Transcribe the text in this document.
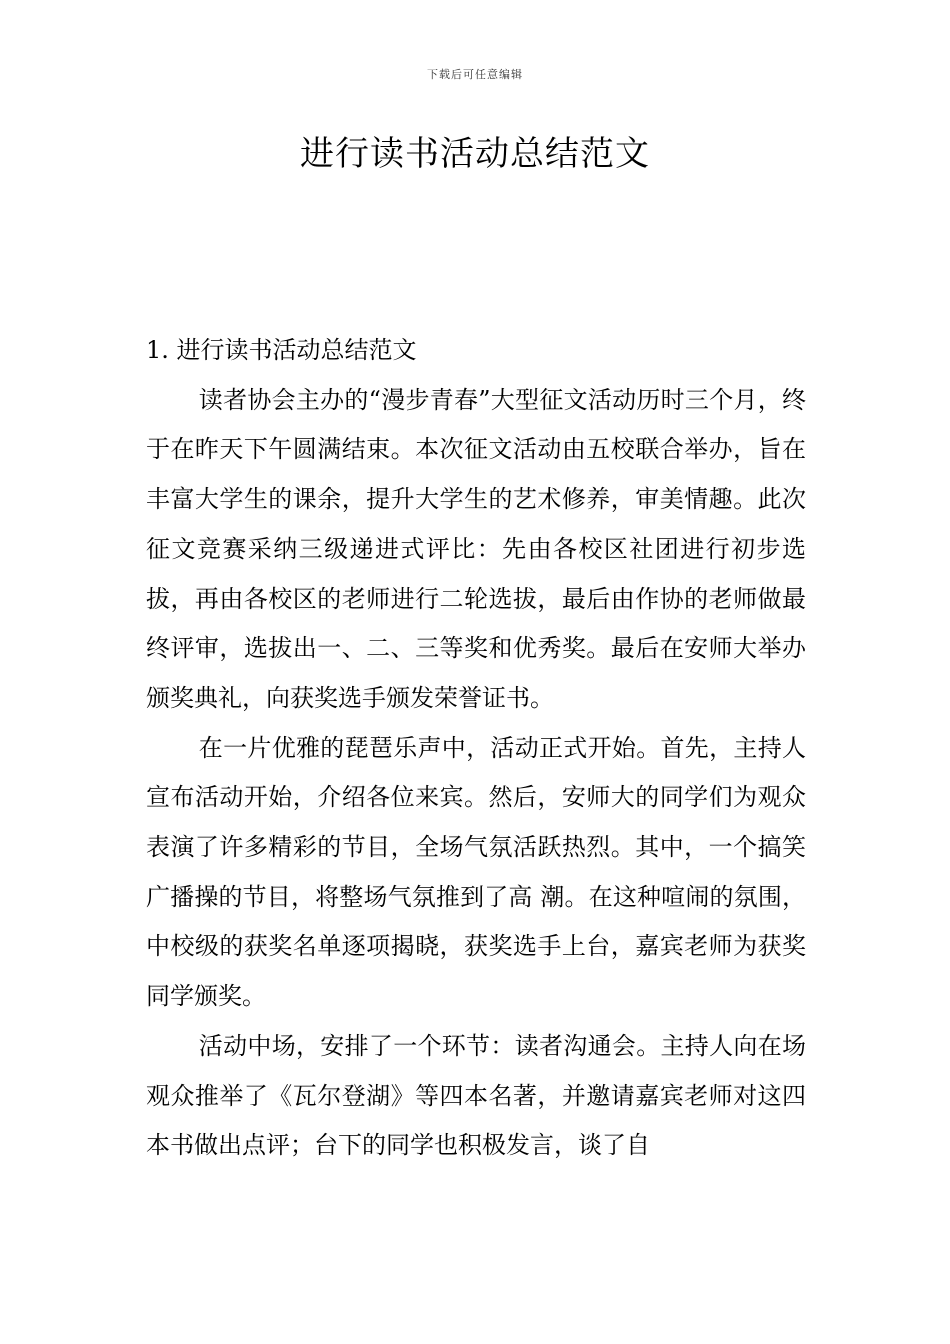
下载后可任意编辑
进行读书活动总结范文

1. 进行读书活动总结范文

读者协会主办的“漫步青春”大型征文活动历时三个月，终于在昨天下午圆满结束。本次征文活动由五校联合举办，旨在丰富大学生的课余，提升大学生的艺术修养，审美情趣。此次征文竞赛采纳三级递进式评比：先由各校区社团进行初步选拔，再由各校区的老师进行二轮选拔，最后由作协的老师做最终评审，选拔出一、二、三等奖和优秀奖。最后在安师大举办颁奖典礼，向获奖选手颁发荣誉证书。

在一片优雅的琵琶乐声中，活动正式开始。首先，主持人宣布活动开始，介绍各位来宾。然后，安师大的同学们为观众表演了许多精彩的节目，全场气氛活跃热烈。其中，一个搞笑广播操的节目，将整场气氛推到了高 潮。在这种喧闹的氛围，中校级的获奖名单逐项揭晓，获奖选手上台，嘉宾老师为获奖同学颁奖。

活动中场，安排了一个环节：读者沟通会。主持人向在场观众推举了《瓦尔登湖》等四本名著，并邀请嘉宾老师对这四本书做出点评；台下的同学也积极发言，谈了自
